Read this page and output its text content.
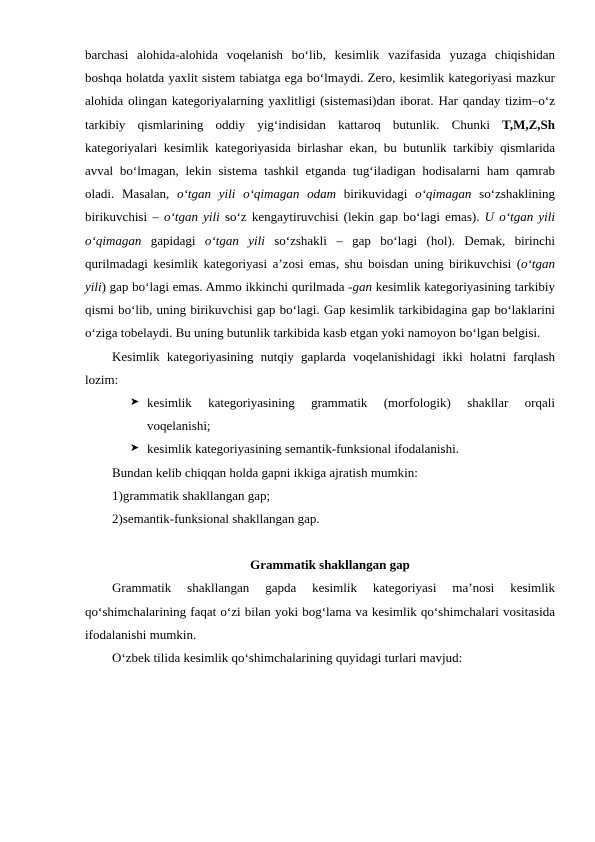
barchasi alohida-alohida voqelanish bo‘lib, kesimlik vazifasida yuzaga chiqishidan boshqa holatda yaxlit sistem tabiatga ega bo‘lmaydi. Zero, kesimlik kategoriyasi mazkur alohida olingan kategoriyalarning yaxlitligi (sistemasi)dan iborat. Har qanday tizim–o‘z tarkibiy qismlarining oddiy yig‘indisidan kattaroq butunlik. Chunki T,M,Z,Sh kategoriyalari kesimlik kategoriyasida birlashar ekan, bu butunlik tarkibiy qismlarida avval bo‘lmagan, lekin sistema tashkil etganda tug‘iladigan hodisalarni ham qamrab oladi. Masalan, o‘tgan yili o‘qimagan odam birikuvidagi o‘qimagan so‘zshaklining birikuvchisi – o‘tgan yili so‘z kengaytiruvchisi (lekin gap bo‘lagi emas). U o‘tgan yili o‘qimagan gapidagi o‘tgan yili so‘zshakli – gap bo‘lagi (hol). Demak, birinchi qurilmadagi kesimlik kategoriyasi a’zosi emas, shu boisdan uning birikuvchisi (o‘tgan yili) gap bo‘lagi emas. Ammo ikkinchi qurilmada -gan kesimlik kategoriyasining tarkibiy qismi bo‘lib, uning birikuvchisi gap bo‘lagi. Gap kesimlik tarkibidagina gap bo‘laklarini o‘ziga tobelaydi. Bu uning butunlik tarkibida kasb etgan yoki namoyon bo‘lgan belgisi.

Kesimlik kategoriyasining nutqiy gaplarda voqelanishidagi ikki holatni farqlash lozim:

➤ kesimlik kategoriyasining grammatik (morfologik) shakllar orqali voqelanishi;

➤ kesimlik kategoriyasining semantik-funksional ifodalanishi.

Bundan kelib chiqqan holda gapni ikkiga ajratish mumkin:

1)grammatik shakllangan gap;

2)semantik-funksional shakllangan gap.

Grammatik shakllangan gap

Grammatik shakllangan gapda kesimlik kategoriyasi ma’nosi kesimlik qo‘shimchalarining faqat o‘zi bilan yoki bog‘lama va kesimlik qo‘shimchalari vositasida ifodalanishi mumkin.

O‘zbek tilida kesimlik qo‘shimchalarining quyidagi turlari mavjud:
